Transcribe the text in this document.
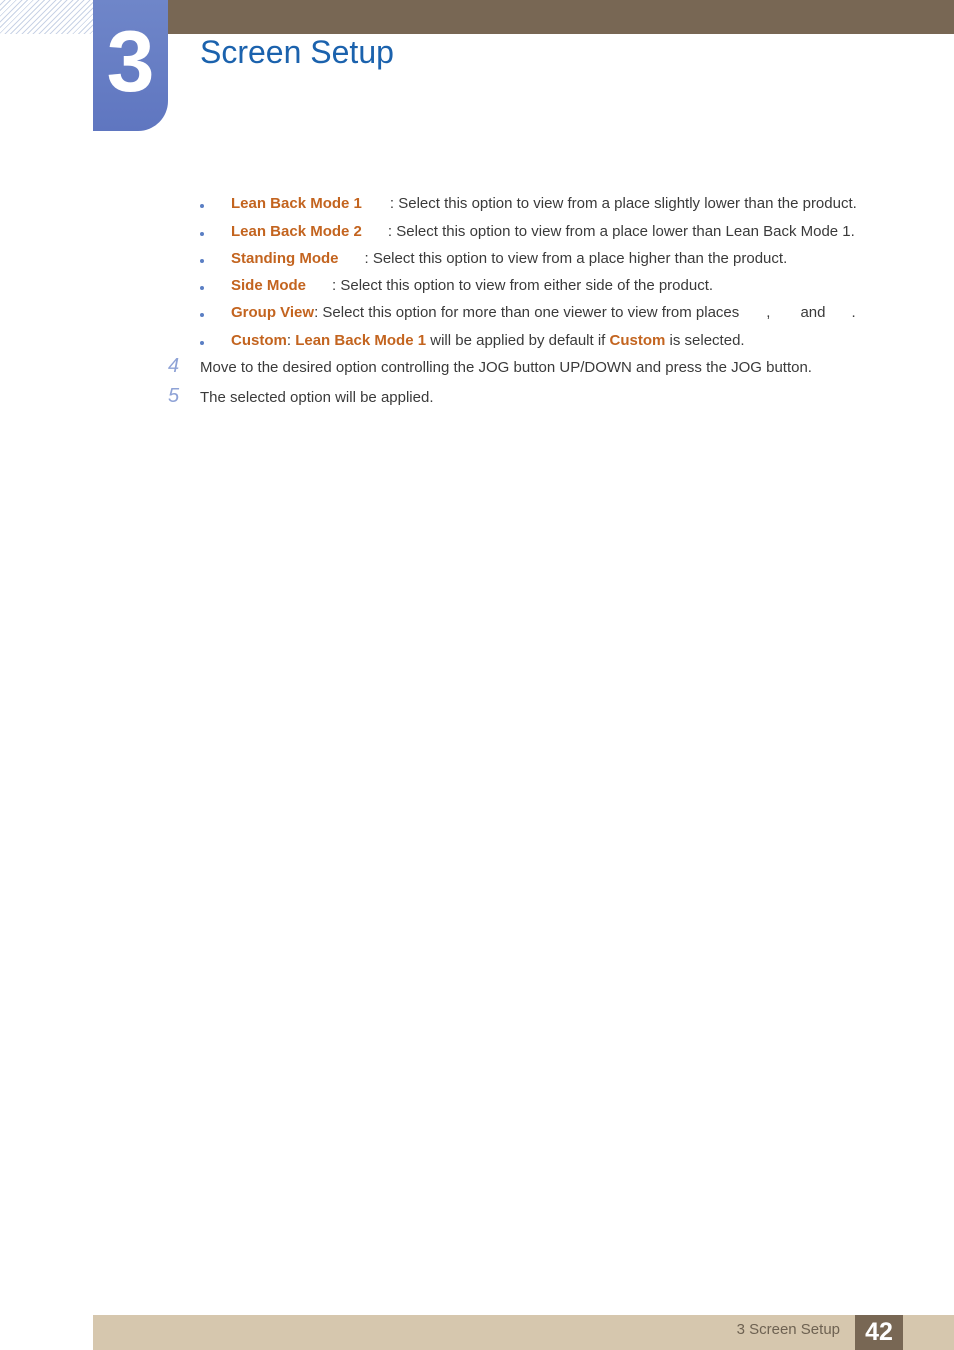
3	Screen Setup
Lean Back Mode 1 : Select this option to view from a place slightly lower than the product.
Lean Back Mode 2 : Select this option to view from a place lower than Lean Back Mode 1.
Standing Mode : Select this option to view from a place higher than the product.
Side Mode : Select this option to view from either side of the product.
Group View: Select this option for more than one viewer to view from places , and .
Custom: Lean Back Mode 1 will be applied by default if Custom is selected.
4 Move to the desired option controlling the JOG button UP/DOWN and press the JOG button.
5 The selected option will be applied.
3 Screen Setup	42
